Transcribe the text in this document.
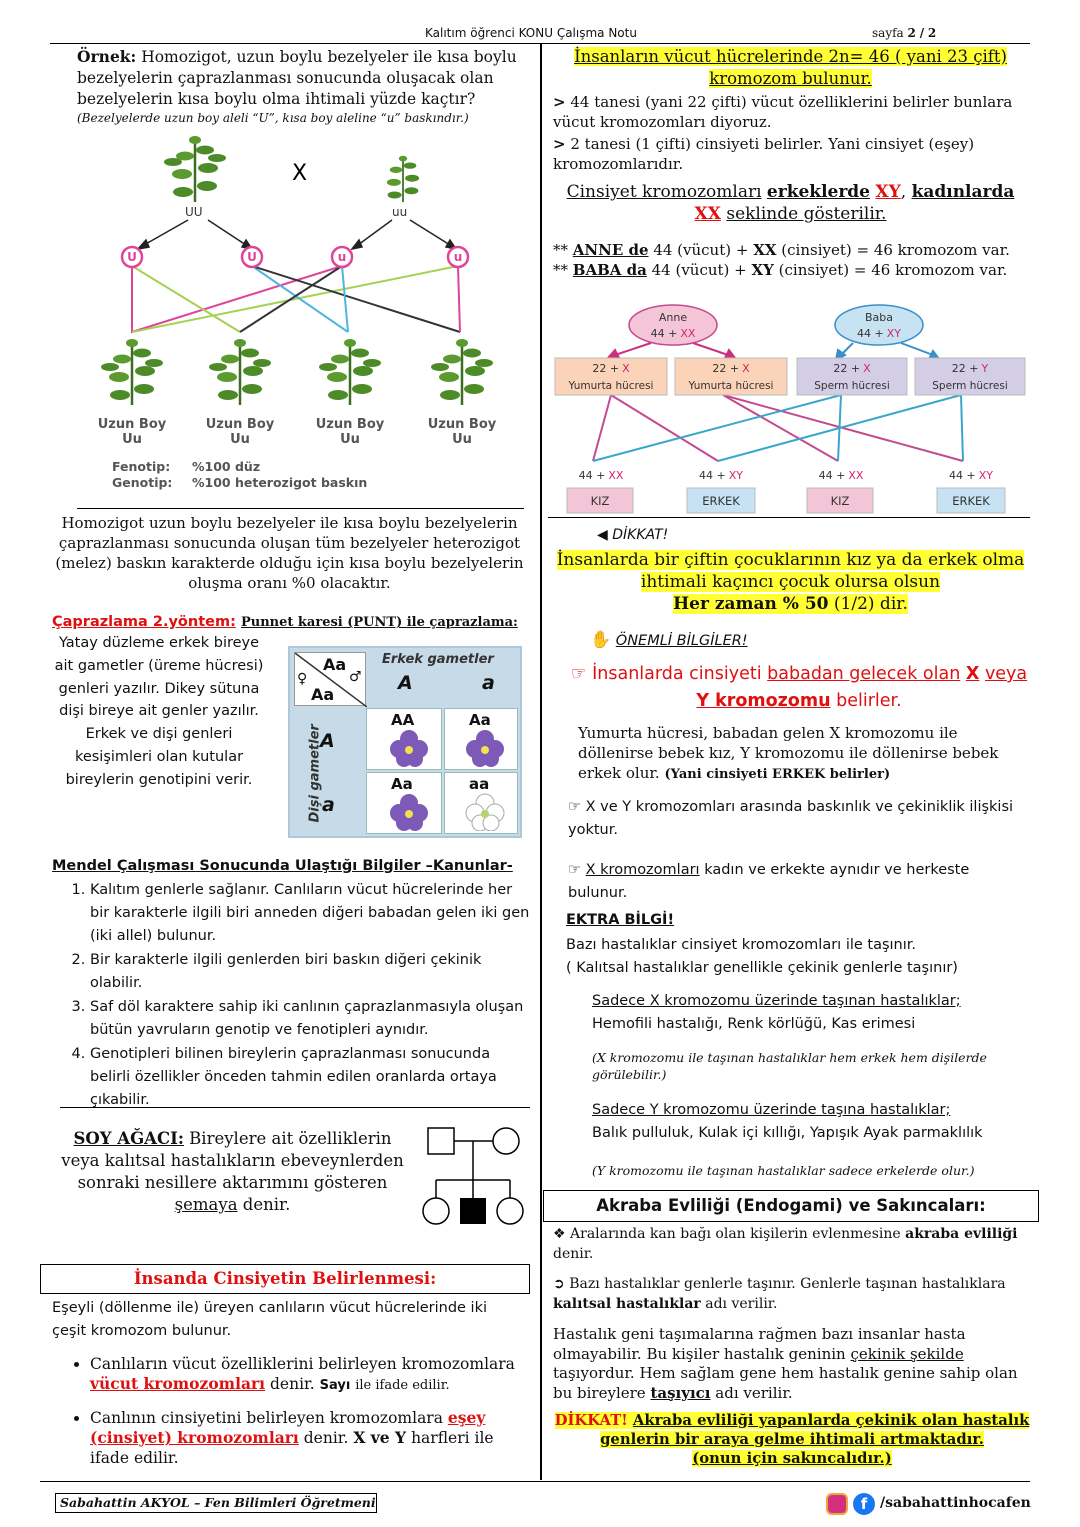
Kalıtım öğrenci KONU Çalışma Notu	sayfa 2 / 2
Örnek: Homozigot, uzun boylu bezelyeler ile kısa boylu bezelyelerin çaprazlanması sonucunda oluşacak olan bezelyelerin kısa boylu olma ihtimali yüzde kaçtır?
(Bezelyelerde uzun boy aleli “U”, kısa boy aleline “u” baskındır.)
X
UU	uu
U	U	u	u
Uzun Boy
Uu
Uzun Boy
Uu
Uzun Boy
Uu
Uzun Boy
Uu
Fenotip: %100 düz
Genotip: %100 heterozigot baskın
Homozigot uzun boylu bezelyeler ile kısa boylu bezelyelerin çaprazlanması sonucunda oluşan tüm bezelyeler heterozigot (melez) baskın karakterde olduğu için kısa boylu bezelyelerin oluşma oranı %0 olacaktır.
Çaprazlama 2.yöntem: Punnet karesi (PUNT) ile çaprazlama:
Yatay düzleme erkek bireye ait gametler (üreme hücresi) genleri yazılır. Dikey sütuna dişi bireye ait genler yazılır. Erkek ve dişi genleri kesişimleri olan kutular bireylerin genotipini verir.
Aa
♂
♀
Aa
Erkek gametler
A	a
Dişi gametler
A
a
AA	Aa
Aa	aa
Mendel Çalışması Sonucunda Ulaştığı Bilgiler –Kanunlar-
1. Kalıtım genlerle sağlanır. Canlıların vücut hücrelerinde her bir karakterle ilgili biri anneden diğeri babadan gelen iki gen (iki allel) bulunur.
2. Bir karakterle ilgili genlerden biri baskın diğeri çekinik olabilir.
3. Saf döl karaktere sahip iki canlının çaprazlanmasıyla oluşan bütün yavruların genotip ve fenotipleri aynıdır.
4. Genotipleri bilinen bireylerin çaprazlanması sonucunda belirli özellikler önceden tahmin edilen oranlarda ortaya çıkabilir.
SOY AĞACI: Bireylere ait özelliklerin veya kalıtsal hastalıkların ebeveynlerden sonraki nesillere aktarımını gösteren şemaya denir.
İnsanda Cinsiyetin Belirlenmesi:
Eşeyli (döllenme ile) üreyen canlıların vücut hücrelerinde iki çeşit kromozom bulunur.
• Canlıların vücut özelliklerini belirleyen kromozomlara vücut kromozomları denir. Sayı ile ifade edilir.
• Canlının cinsiyetini belirleyen kromozomlara eşey (cinsiyet) kromozomları denir. X ve Y harfleri ile ifade edilir.
İnsanların vücut hücrelerinde 2n= 46 ( yani 23 çift) kromozom bulunur.
> 44 tanesi (yani 22 çifti) vücut özelliklerini belirler bunlara vücut kromozomları diyoruz.
> 2 tanesi (1 çifti) cinsiyeti belirler. Yani cinsiyet (eşey) kromozomlarıdır.
Cinsiyet kromozomları erkeklerde XY, kadınlarda
XX seklinde gösterilir.
** ANNE de 44 (vücut) + XX (cinsiyet) = 46 kromozom var.
** BABA da 44 (vücut) + XY (cinsiyet) = 46 kromozom var.
Anne
44 + XX
Baba
44 + XY
22 + X
Yumurta hücresi
22 + X
Yumurta hücresi
22 + X
Sperm hücresi
22 + Y
Sperm hücresi
44 + XX
KIZ
44 + XY
ERKEK
44 + XX
KIZ
44 + XY
ERKEK
◀ DİKKAT!
İnsanlarda bir çiftin çocuklarının kız ya da erkek olma ihtimali kaçıncı çocuk olursa olsun
Her zaman % 50 (1/2) dir.
✋ ÖNEMLİ BİLGİLER!
☞ İnsanlarda cinsiyeti babadan gelecek olan X veya
Y kromozomu belirler.
Yumurta hücresi, babadan gelen X kromozomu ile döllenirse bebek kız, Y kromozomu ile döllenirse bebek erkek olur. (Yani cinsiyeti ERKEK belirler)
☞ X ve Y kromozomları arasında baskınlık ve çekiniklik ilişkisi yoktur.
☞ X kromozomları kadın ve erkekte aynıdır ve herkeste bulunur.
EKTRA BİLGİ!
Bazı hastalıklar cinsiyet kromozomları ile taşınır.
( Kalıtsal hastalıklar genellikle çekinik genlerle taşınır)
Sadece X kromozomu üzerinde taşınan hastalıklar;
Hemofili hastalığı, Renk körlüğü, Kas erimesi
(X kromozomu ile taşınan hastalıklar hem erkek hem dişilerde görülebilir.)
Sadece Y kromozomu üzerinde taşına hastalıklar;
Balık pulluluk, Kulak içi kıllığı, Yapışık Ayak parmaklılık
(Y kromozomu ile taşınan hastalıklar sadece erkelerde olur.)
Akraba Evliliği (Endogami) ve Sakıncaları:
❖ Aralarında kan bağı olan kişilerin evlenmesine akraba evliliği denir.
➲ Bazı hastalıklar genlerle taşınır. Genlerle taşınan hastalıklara kalıtsal hastalıklar adı verilir.
Hastalık geni taşımalarına rağmen bazı insanlar hasta olmayabilir. Bu kişiler hastalık geninin çekinik şekilde taşıyordur. Hem sağlam gene hem hastalık genine sahip olan bu bireylere taşıyıcı adı verilir.
DİKKAT! Akraba evliliği yapanlarda çekinik olan hastalık genlerin bir araya gelme ihtimali artmaktadır.
(onun için sakıncalıdır.)
Sabahattin AKYOL – Fen Bilimleri Öğretmeni	f /sabahattinhocafen
